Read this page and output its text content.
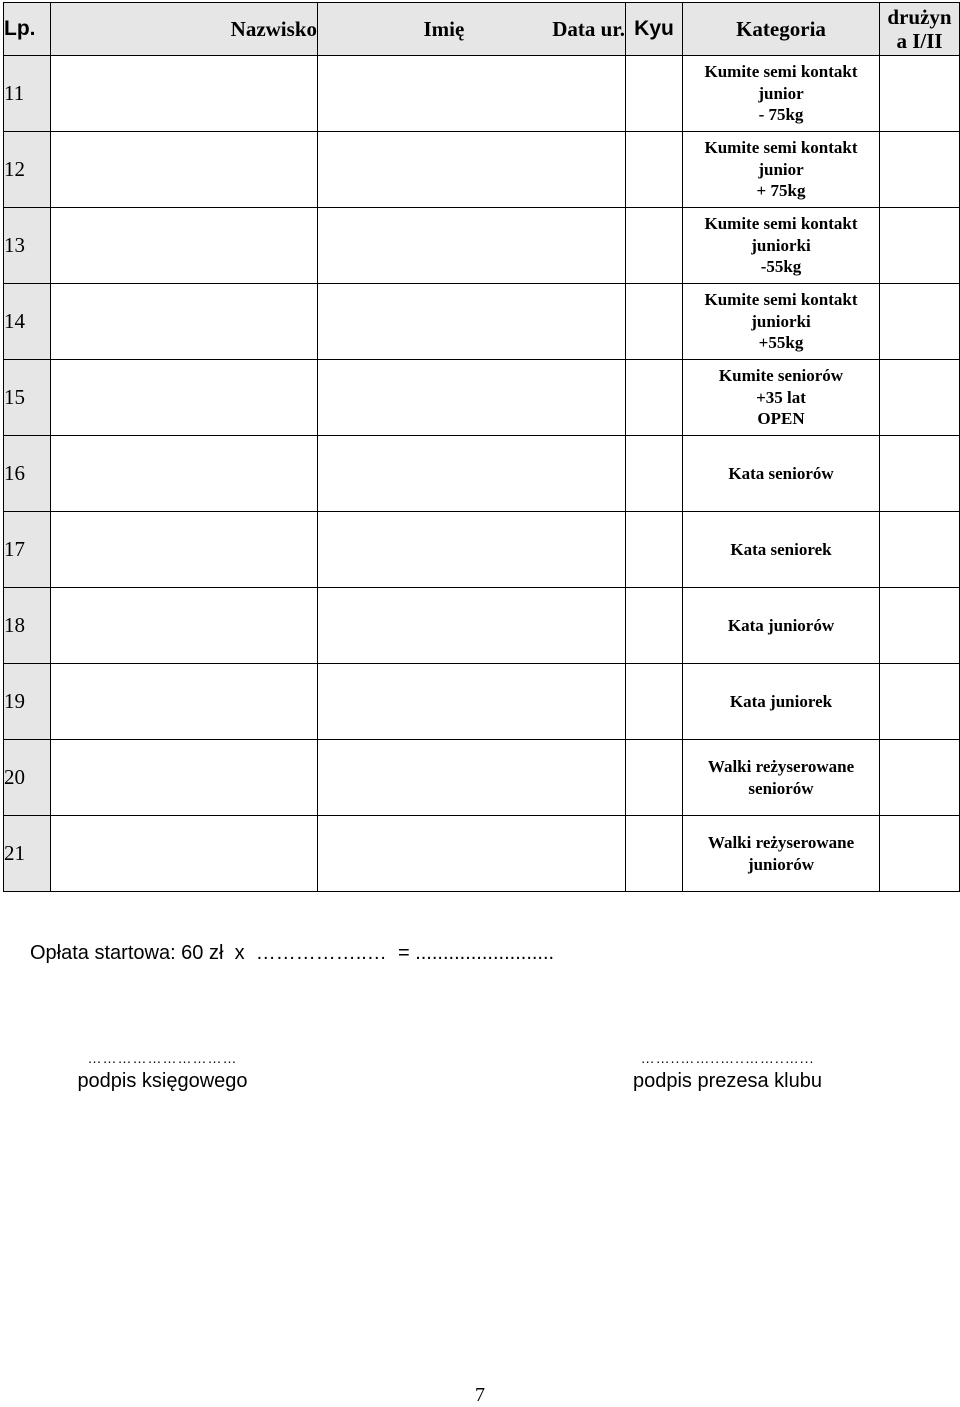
Lp.	Nazwisko	Imię Data ur.	Kyu	Kategoria	drużyn a I/II
11				Kumite semi kontakt
junior
- 75kg	
12				Kumite semi kontakt
junior
+ 75kg	
13				Kumite semi kontakt
juniorki
-55kg	
14				Kumite semi kontakt
juniorki
+55kg	
15				Kumite seniorów
+35 lat
OPEN	
16				Kata seniorów	
17				Kata seniorek	
18				Kata juniorów	
19				Kata juniorek	
20				Walki reżyserowane
seniorów	
21				Walki reżyserowane
juniorów	
Opłata startowa: 60 zł x ……………..… = .........................
…………………………
podpis księgowego
……..……..…..……..…...
podpis prezesa klubu
7
